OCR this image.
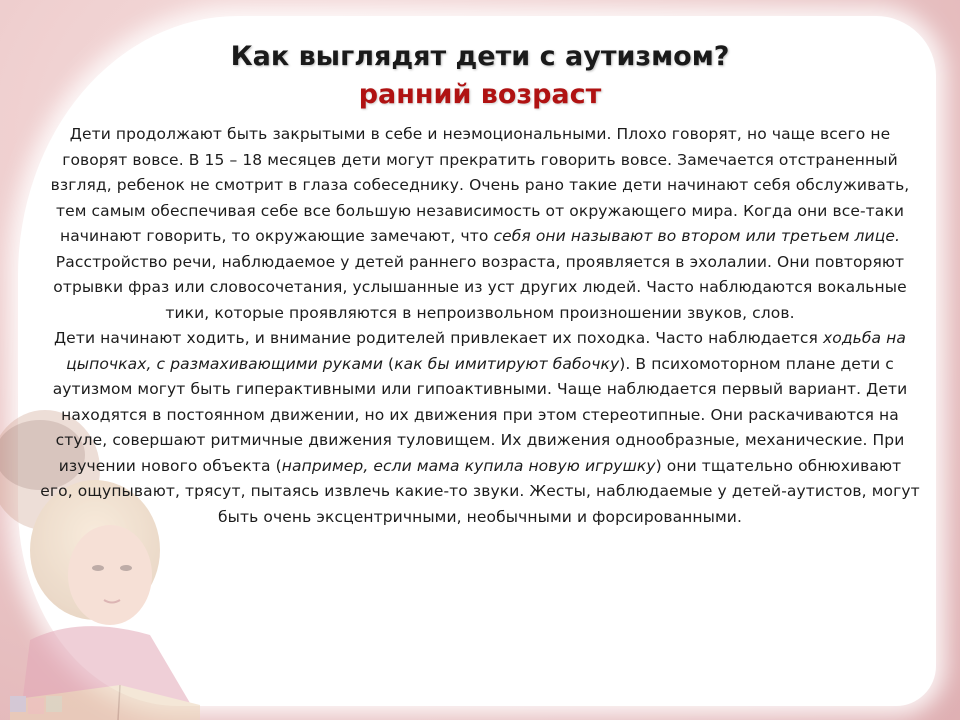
Как выглядят дети с аутизмом?
ранний возраст

Дети продолжают быть закрытыми в себе и неэмоциональными. Плохо говорят, но чаще всего не говорят вовсе. В 15 – 18 месяцев дети могут прекратить говорить вовсе. Замечается отстраненный взгляд, ребенок не смотрит в глаза собеседнику. Очень рано такие дети начинают себя обслуживать, тем самым обеспечивая себе все большую независимость от окружающего мира. Когда они все-таки начинают говорить, то окружающие замечают, что себя они называют во втором или третьем лице. Расстройство речи, наблюдаемое у детей раннего возраста, проявляется в эхолалии. Они повторяют отрывки фраз или словосочетания, услышанные из уст других людей. Часто наблюдаются вокальные тики, которые проявляются в непроизвольном произношении звуков, слов.

Дети начинают ходить, и внимание родителей привлекает их походка. Часто наблюдается ходьба на цыпочках, с размахивающими руками (как бы имитируют бабочку). В психомоторном плане дети с аутизмом могут быть гиперактивными или гипоактивными. Чаще наблюдается первый вариант. Дети находятся в постоянном движении, но их движения при этом стереотипные. Они раскачиваются на стуле, совершают ритмичные движения туловищем. Их движения однообразные, механические. При изучении нового объекта (например, если мама купила новую игрушку) они тщательно обнюхивают его, ощупывают, трясут, пытаясь извлечь какие-то звуки. Жесты, наблюдаемые у детей-аутистов, могут быть очень эксцентричными, необычными и форсированными.
